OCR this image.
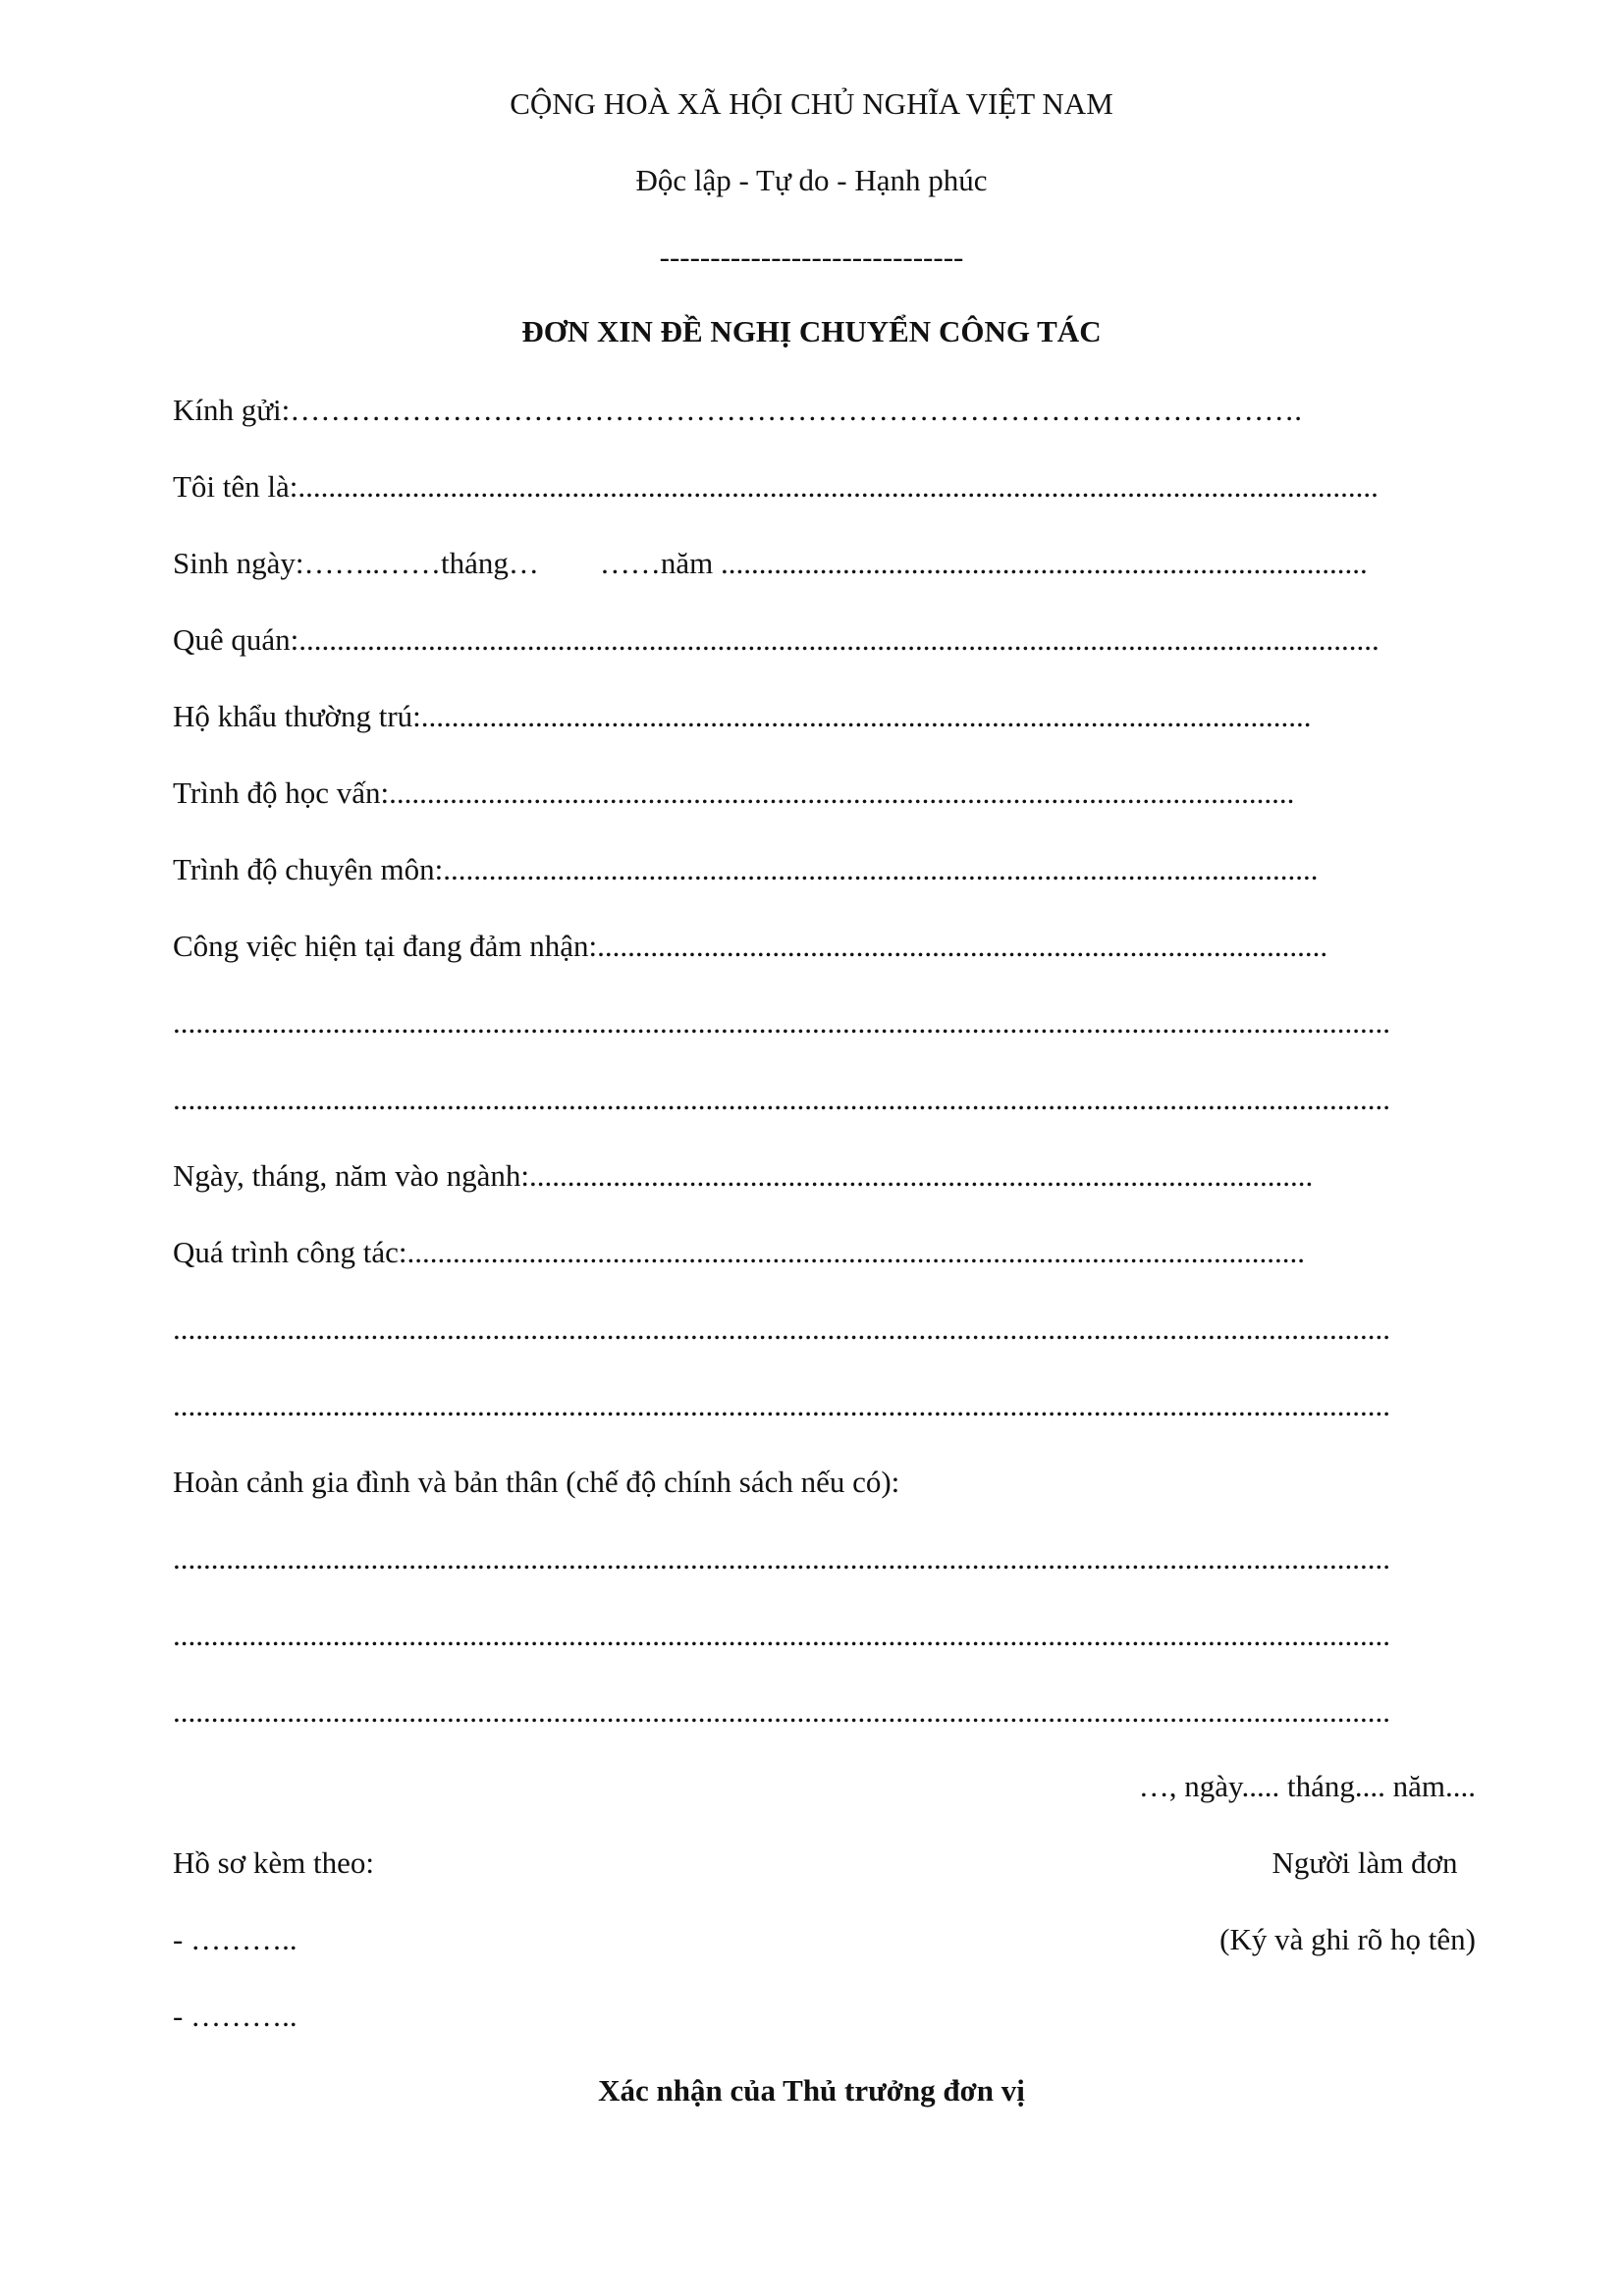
CỘNG HOÀ XÃ HỘI CHỦ NGHĨA VIỆT NAM
Độc lập - Tự do - Hạnh phúc
------------------------------
ĐƠN XIN ĐỀ NGHỊ CHUYỂN CÔNG TÁC
Kính gửi: ……………………………………………………………………………………….
Tôi tên là: ..............................................................................................................................................
Sinh ngày:……..……tháng…        ……năm .....................................................................................
Quê quán: ..............................................................................................................................................
Hộ khẩu thường trú: .....................................................................................................................
Trình độ học vấn: .......................................................................................................................
Trình độ chuyên môn: ...................................................................................................................
Công việc hiện tại đang đảm nhận: ................................................................................................
................................................................................................................................................................
................................................................................................................................................................
Ngày, tháng, năm vào ngành: .......................................................................................................
Quá trình công tác: ......................................................................................................................
................................................................................................................................................................
................................................................................................................................................................
Hoàn cảnh gia đình và bản thân (chế độ chính sách nếu có):
................................................................................................................................................................
................................................................................................................................................................
................................................................................................................................................................
…, ngày..... tháng.... năm....
Hồ sơ kèm theo:	Người làm đơn
- ………..	(Ký và ghi rõ họ tên)
- ………..
Xác nhận của Thủ trưởng đơn vị
